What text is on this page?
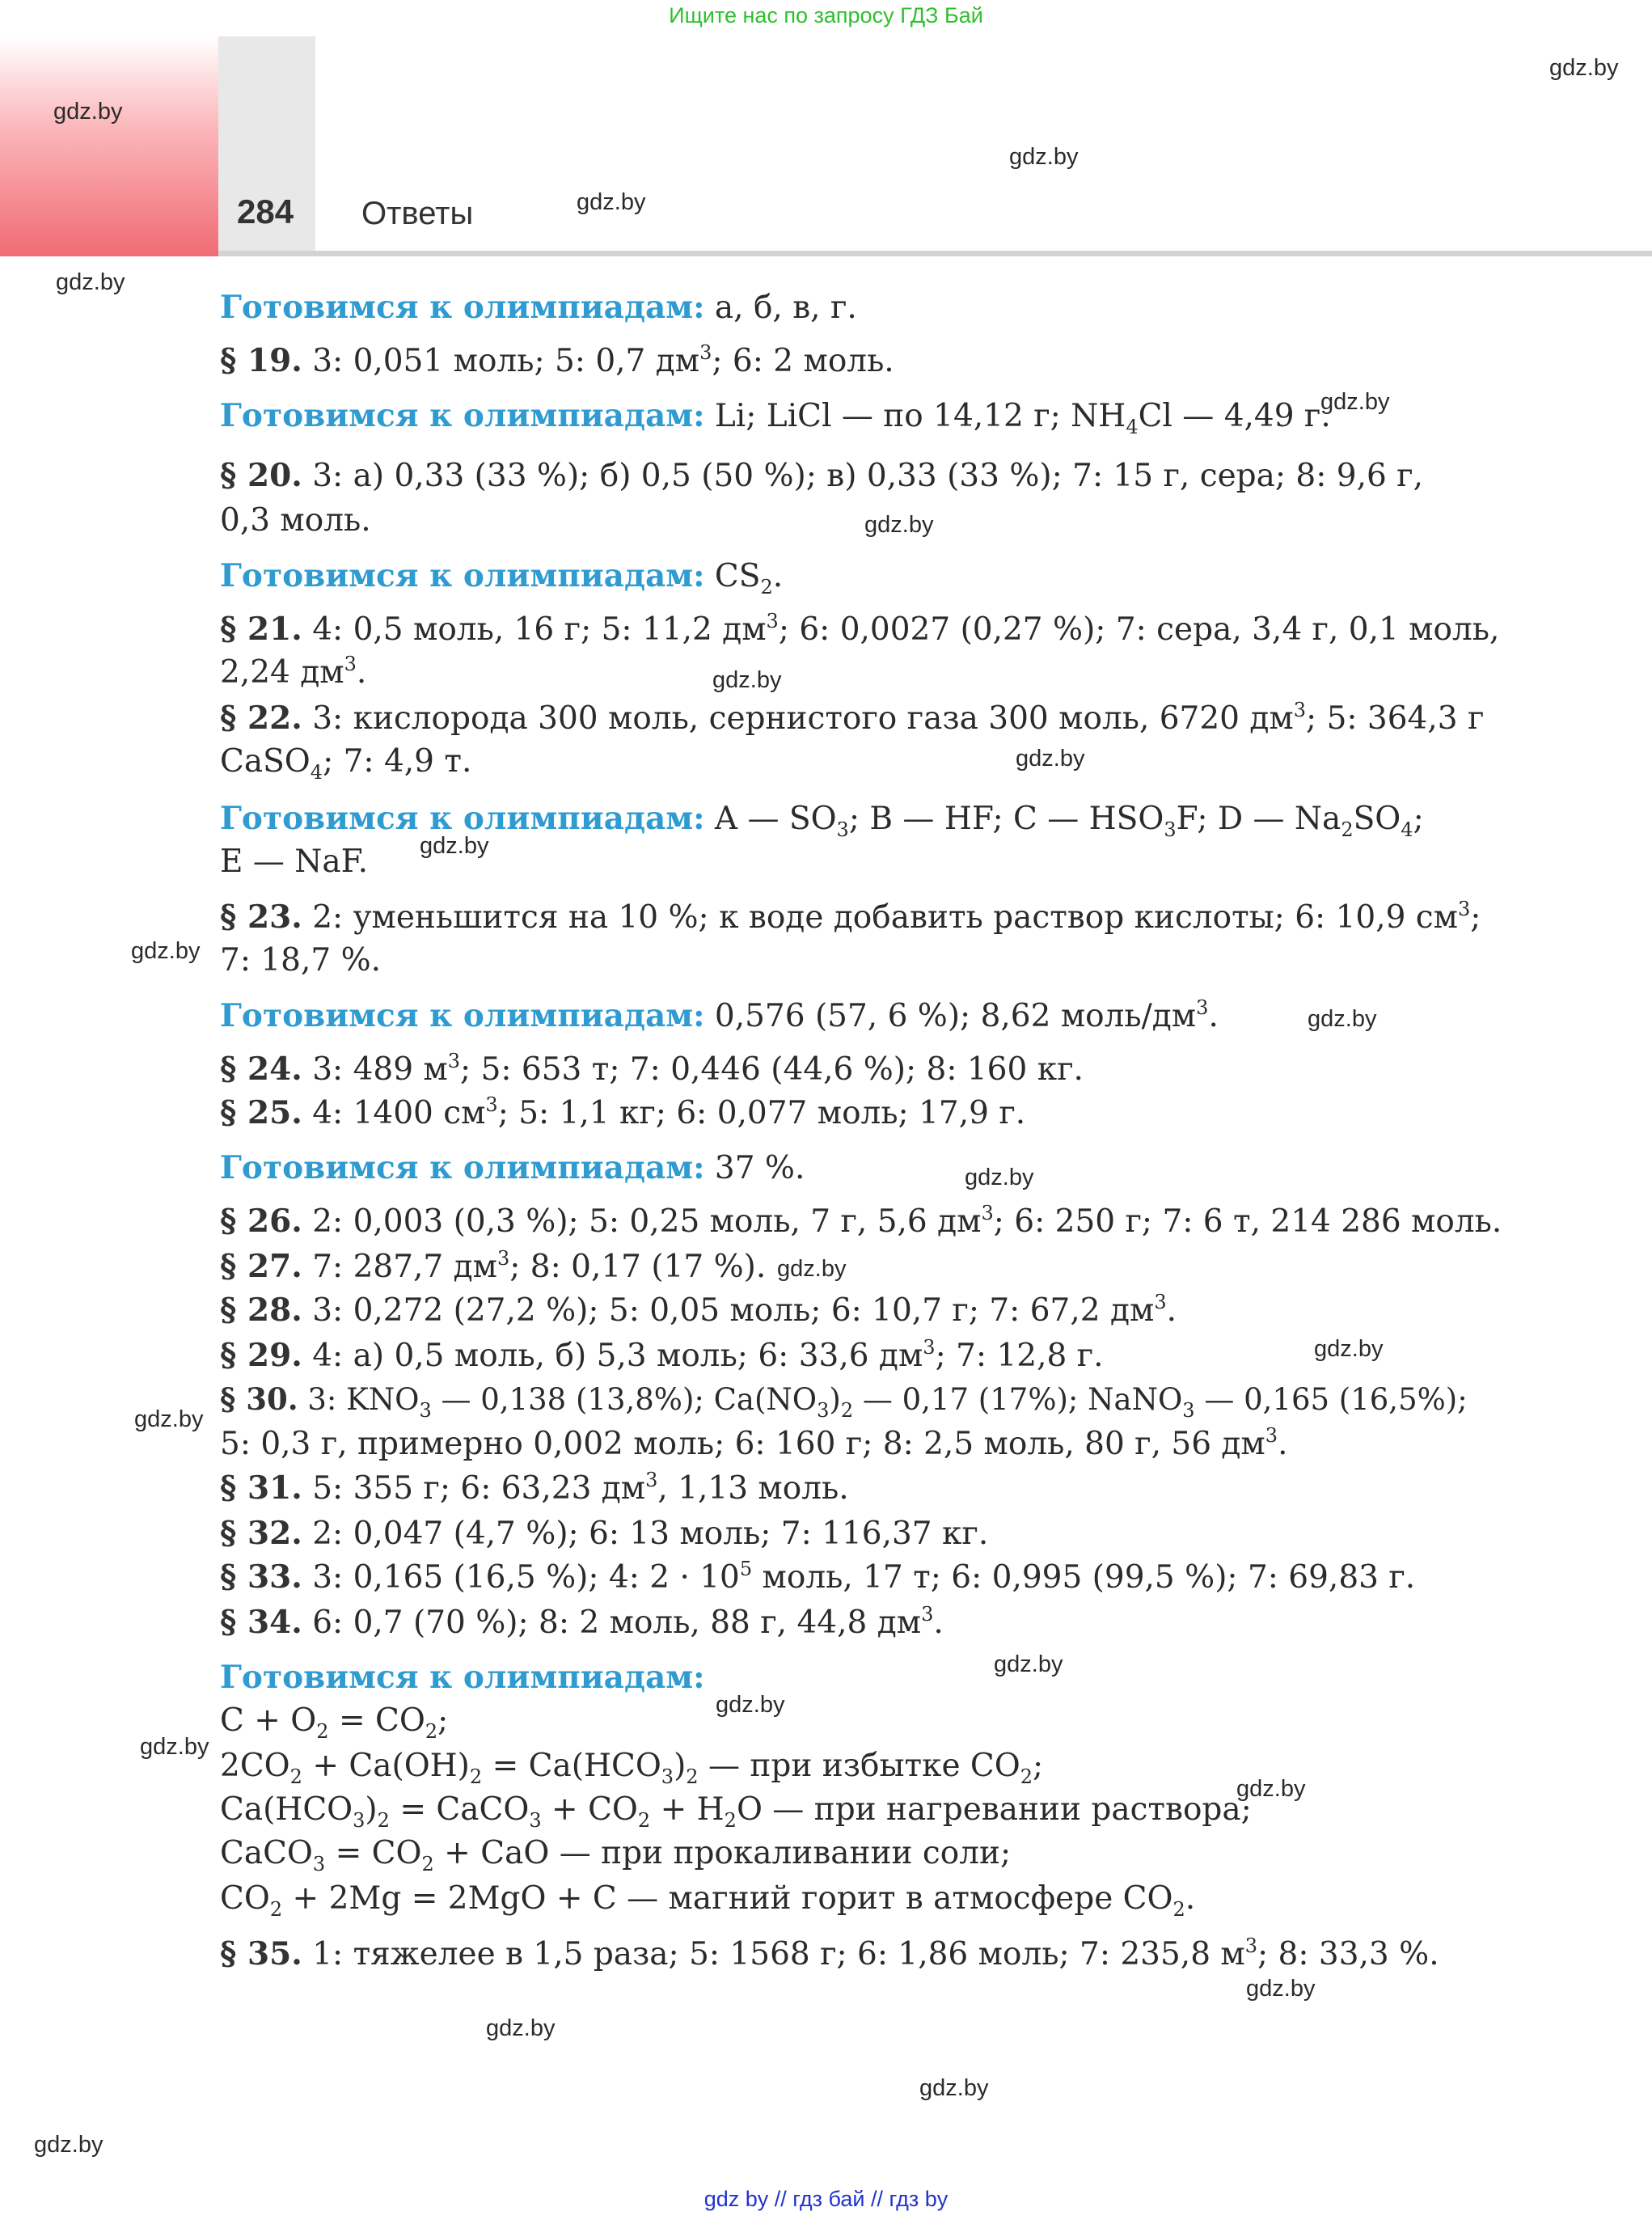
Ищите нас по запросу ГДЗ Бай
284 Ответы
gdz.by
gdz.by
gdz.by
gdz.by
gdz.by
gdz.by
gdz.by
gdz.by
gdz.by
gdz.by
gdz.by
gdz.by
gdz.by
gdz.by
gdz.by
gdz.by
gdz.by
gdz.by
gdz.by
gdz.by
gdz.by
gdz.by
gdz.by
gdz.by
Готовимся к олимпиадам: а, б, в, г.
§ 19. 3: 0,051 моль; 5: 0,7 $дм^3$; 6: 2 моль.
Готовимся к олимпиадам: Li; LiCl — по 14,12 г; $NH_4Cl$ — 4,49 г.
§ 20. 3: а) 0,33 (33 %); б) 0,5 (50 %); в) 0,33 (33 %); 7: 15 г, сера; 8: 9,6 г,
0,3 моль.
Готовимся к олимпиадам: $CS_2$.
§ 21. 4: 0,5 моль, 16 г; 5: 11,2 $дм^3$; 6: 0,0027 (0,27 %); 7: сера, 3,4 г, 0,1 моль,
2,24 $дм^3$.
§ 22. 3: кислорода 300 моль, сернистого газа 300 моль, 6720 $дм^3$; 5: 364,3 г
CaSO$_4$; 7: 4,9 т.
Готовимся к олимпиадам: A — $SO_3$; B — HF; C — $HSO_3F$; D — $Na_2SO_4$;
E — NaF.
§ 23. 2: уменьшится на 10 %; к воде добавить раствор кислоты; 6: 10,9 $см^3$;
7: 18,7 %.
Готовимся к олимпиадам: 0,576 (57, 6 %); 8,62 моль/$дм^3$.
§ 24. 3: 489 $м^3$; 5: 653 т; 7: 0,446 (44,6 %); 8: 160 кг.
§ 25. 4: 1400 $см^3$; 5: 1,1 кг; 6: 0,077 моль; 17,9 г.
Готовимся к олимпиадам: 37 %.
§ 26. 2: 0,003 (0,3 %); 5: 0,25 моль, 7 г, 5,6 $дм^3$; 6: 250 г; 7: 6 т, 214 286 моль.
§ 27. 7: 287,7 $дм^3$; 8: 0,17 (17 %).
§ 28. 3: 0,272 (27,2 %); 5: 0,05 моль; 6: 10,7 г; 7: 67,2 $дм^3$.
§ 29. 4: а) 0,5 моль, б) 5,3 моль; 6: 33,6 $дм^3$; 7: 12,8 г.
§ 30. 3: $KNO_3$ — 0,138 (13,8%); $Ca(NO_3)_2$ — 0,17 (17%); NaNO$_3$ — 0,165 (16,5%);
5: 0,3 г, примерно 0,002 моль; 6: 160 г; 8: 2,5 моль, 80 г, 56 $дм^3$.
§ 31. 5: 355 г; 6: 63,23 $дм^3$, 1,13 моль.
§ 32. 2: 0,047 (4,7 %); 6: 13 моль; 7: 116,37 кг.
§ 33. 3: 0,165 (16,5 %); 4: $2 \cdot 10^5$ моль, 17 т; 6: 0,995 (99,5 %); 7: 69,83 г.
§ 34. 6: 0,7 (70 %); 8: 2 моль, 88 г, 44,8 $дм^3$.
Готовимся к олимпиадам:
$C + O_2 = CO_2$;
$2CO_2 + Ca(OH)_2 = Ca(HCO_3)_2$ — при избытке $CO_2$;
$Ca(HCO_3)_2$ = CaCO$_3$ + $CO_2 + H_2O$ — при нагревании раствора;
CaCO$_3$ = $CO_2$ + CaO — при прокаливании соли;
$CO_2 + 2Mg = 2MgO + C$ — магний горит в атмосфере $CO_2$.
§ 35. 1: тяжелее в 1,5 раза; 5: 1568 г; 6: 1,86 моль; 7: 235,8 $м^3$; 8: 33,3 %.
gdz by // гдз бай // гдз by
